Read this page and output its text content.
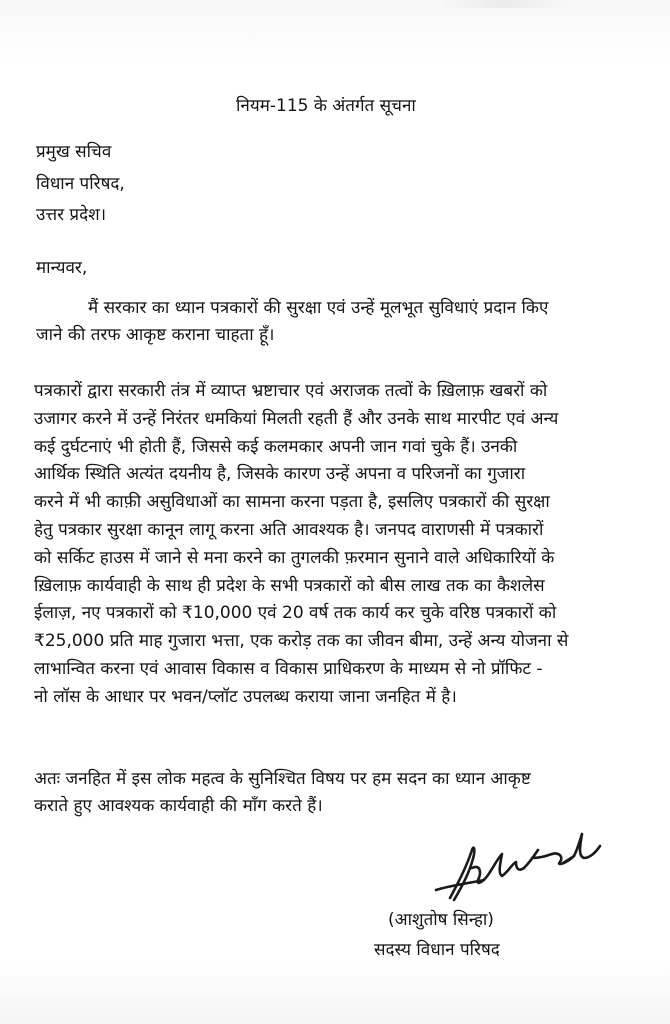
नियम-115 के अंतर्गत सूचना
प्रमुख सचिव
विधान परिषद,
उत्तर प्रदेश।
मान्यवर,
मैं सरकार का ध्यान पत्रकारों की सुरक्षा एवं उन्हें मूलभूत सुविधाएं प्रदान किए
जाने की तरफ आकृष्ट कराना चाहता हूँ।
पत्रकारों द्वारा सरकारी तंत्र में व्याप्त भ्रष्टाचार एवं अराजक तत्वों के ख़िलाफ़ खबरों को
उजागर करने में उन्हें निरंतर धमकियां मिलती रहती हैं और उनके साथ मारपीट एवं अन्य
कई दुर्घटनाएं भी होती हैं, जिससे कई कलमकार अपनी जान गवां चुके हैं। उनकी
आर्थिक स्थिति अत्यंत दयनीय है, जिसके कारण उन्हें अपना व परिजनों का गुजारा
करने में भी काफ़ी असुविधाओं का सामना करना पड़ता है, इसलिए पत्रकारों की सुरक्षा
हेतु पत्रकार सुरक्षा कानून लागू करना अति आवश्यक है। जनपद वाराणसी में पत्रकारों
को सर्किट हाउस में जाने से मना करने का तुगलकी फ़रमान सुनाने वाले अधिकारियों के
ख़िलाफ़ कार्यवाही के साथ ही प्रदेश के सभी पत्रकारों को बीस लाख तक का कैशलेस
ईलाज़, नए पत्रकारों को ₹10,000 एवं 20 वर्ष तक कार्य कर चुके वरिष्ठ पत्रकारों को
₹25,000 प्रति माह गुजारा भत्ता, एक करोड़ तक का जीवन बीमा, उन्हें अन्य योजना से
लाभान्वित करना एवं आवास विकास व विकास प्राधिकरण के माध्यम से नो प्रॉफिट -
नो लॉस के आधार पर भवन/प्लॉट उपलब्ध कराया जाना जनहित में है।
अतः जनहित में इस लोक महत्व के सुनिश्चित विषय पर हम सदन का ध्यान आकृष्ट
कराते हुए आवश्यक कार्यवाही की माँग करते हैं।
(आशुतोष सिन्हा)
सदस्य विधान परिषद
